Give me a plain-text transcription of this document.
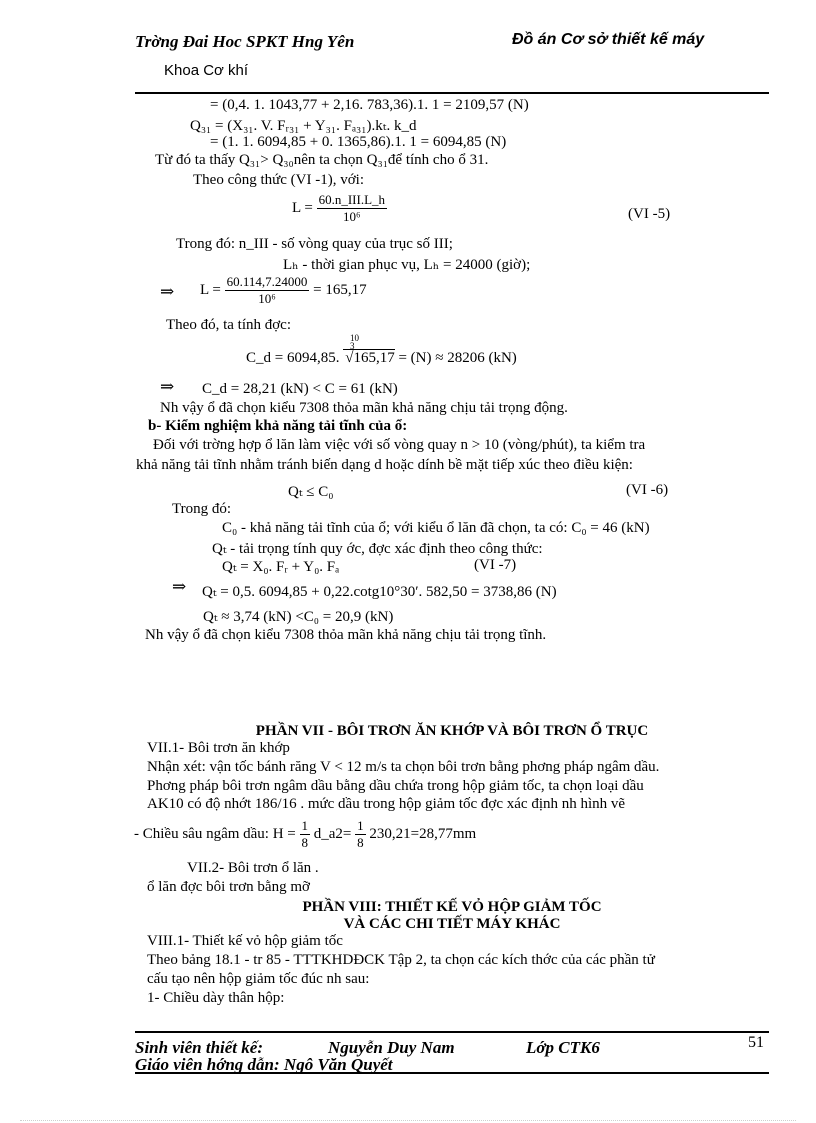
Trờng Đai Hoc SPKT Hng Yên	Đồ án Cơ sở thiết kế máy
Khoa Cơ khí
= (0,4. 1. 1043,77 + 2,16. 783,36).1. 1 = 2109,57 (N)
Q₃₁ = (X₃₁. V. Fᵣ₃₁ + Y₃₁. Fₐ₃₁).kₜ. k_d
= (1. 1. 6094,85 + 0. 1365,86).1. 1 = 6094,85 (N)
Từ đó ta thấy Q₃₁> Q₃₀nên ta chọn Q₃₁để tính cho ổ 31.
Theo công thức (VI -1), với:
$L = \frac{\text{60.n\_III.L\_h}}{\text{10⁶}}$	(VI -5)
Trong đó: n_III - số vòng quay của trục số III;
Lₕ - thời gian phục vụ, Lₕ = 24000 (giờ);
⇒ $L = \frac{60.114,7.24000}{\text{10⁶}} = 165,17$
Theo đó, ta tính đợc:
10
3
C_d = 6094,85. √165,17 = (N) ≈ 28206 (kN)
⇒ C_d = 28,21 (kN) < C = 61 (kN)
Nh vậy ổ đã chọn kiểu 7308 thỏa mãn khả năng chịu tải trọng động.
b- Kiểm nghiệm khả năng tải tĩnh của ổ:
Đối với trờng hợp ổ lăn làm việc với số vòng quay n > 10 (vòng/phút), ta kiểm tra
khả năng tải tĩnh nhằm tránh biến dạng d hoặc dính bề mặt tiếp xúc theo điều kiện:
Qₜ ≤ C₀	(VI -6)
Trong đó:
C₀ - khả năng tải tĩnh của ổ; với kiểu ổ lăn đã chọn, ta có: C₀ = 46 (kN)
Qₜ - tải trọng tính quy ớc, đợc xác định theo công thức:
Qₜ = X₀. Fᵣ + Y₀. Fₐ	(VI -7)
⇒ Qₜ = 0,5. 6094,85 + 0,22.cotg10°30′. 582,50 = 3738,86 (N)
Qₜ ≈ 3,74 (kN) <C₀ = 20,9 (kN)
Nh vậy ổ đã chọn kiểu 7308 thỏa mãn khả năng chịu tải trọng tĩnh.
PHẦN VII - BÔI TRƠN ĂN KHỚP VÀ BÔI TRƠN Ổ TRỤC
VII.1- Bôi trơn ăn khớp
Nhận xét: vận tốc bánh răng V < 12 m/s ta chọn bôi trơn bằng phơng pháp ngâm dầu.
Phơng pháp bôi trơn ngâm dầu bằng dầu chứa trong hộp giảm tốc, ta chọn loại dầu
AK10 có độ nhớt 186/16 . mức dầu trong hộp giảm tốc đợc xác định nh hình vẽ
- Chiều sâu ngâm dầu: $H = \frac{1}{8}$ d_a2= $\frac{1}{8} 230,21=28,77mm$
VII.2- Bôi trơn ổ lăn .
ổ lăn đợc bôi trơn bằng mỡ
PHẦN VIII: THIẾT KẾ VỎ HỘP GIẢM TỐC
VÀ CÁC CHI TIẾT MÁY KHÁC
VIII.1- Thiết kế vỏ hộp giảm tốc
Theo bảng 18.1 - tr 85 - TTTKHDĐCK Tập 2, ta chọn các kích thớc của các phần tử
cấu tạo nên hộp giảm tốc đúc nh sau:
1- Chiều dày thân hộp:
Sinh viên thiết kế:	Nguyễn Duy Nam	Lớp CTK6	51
Giáo viên hớng dẫn: Ngô Văn Quyết
